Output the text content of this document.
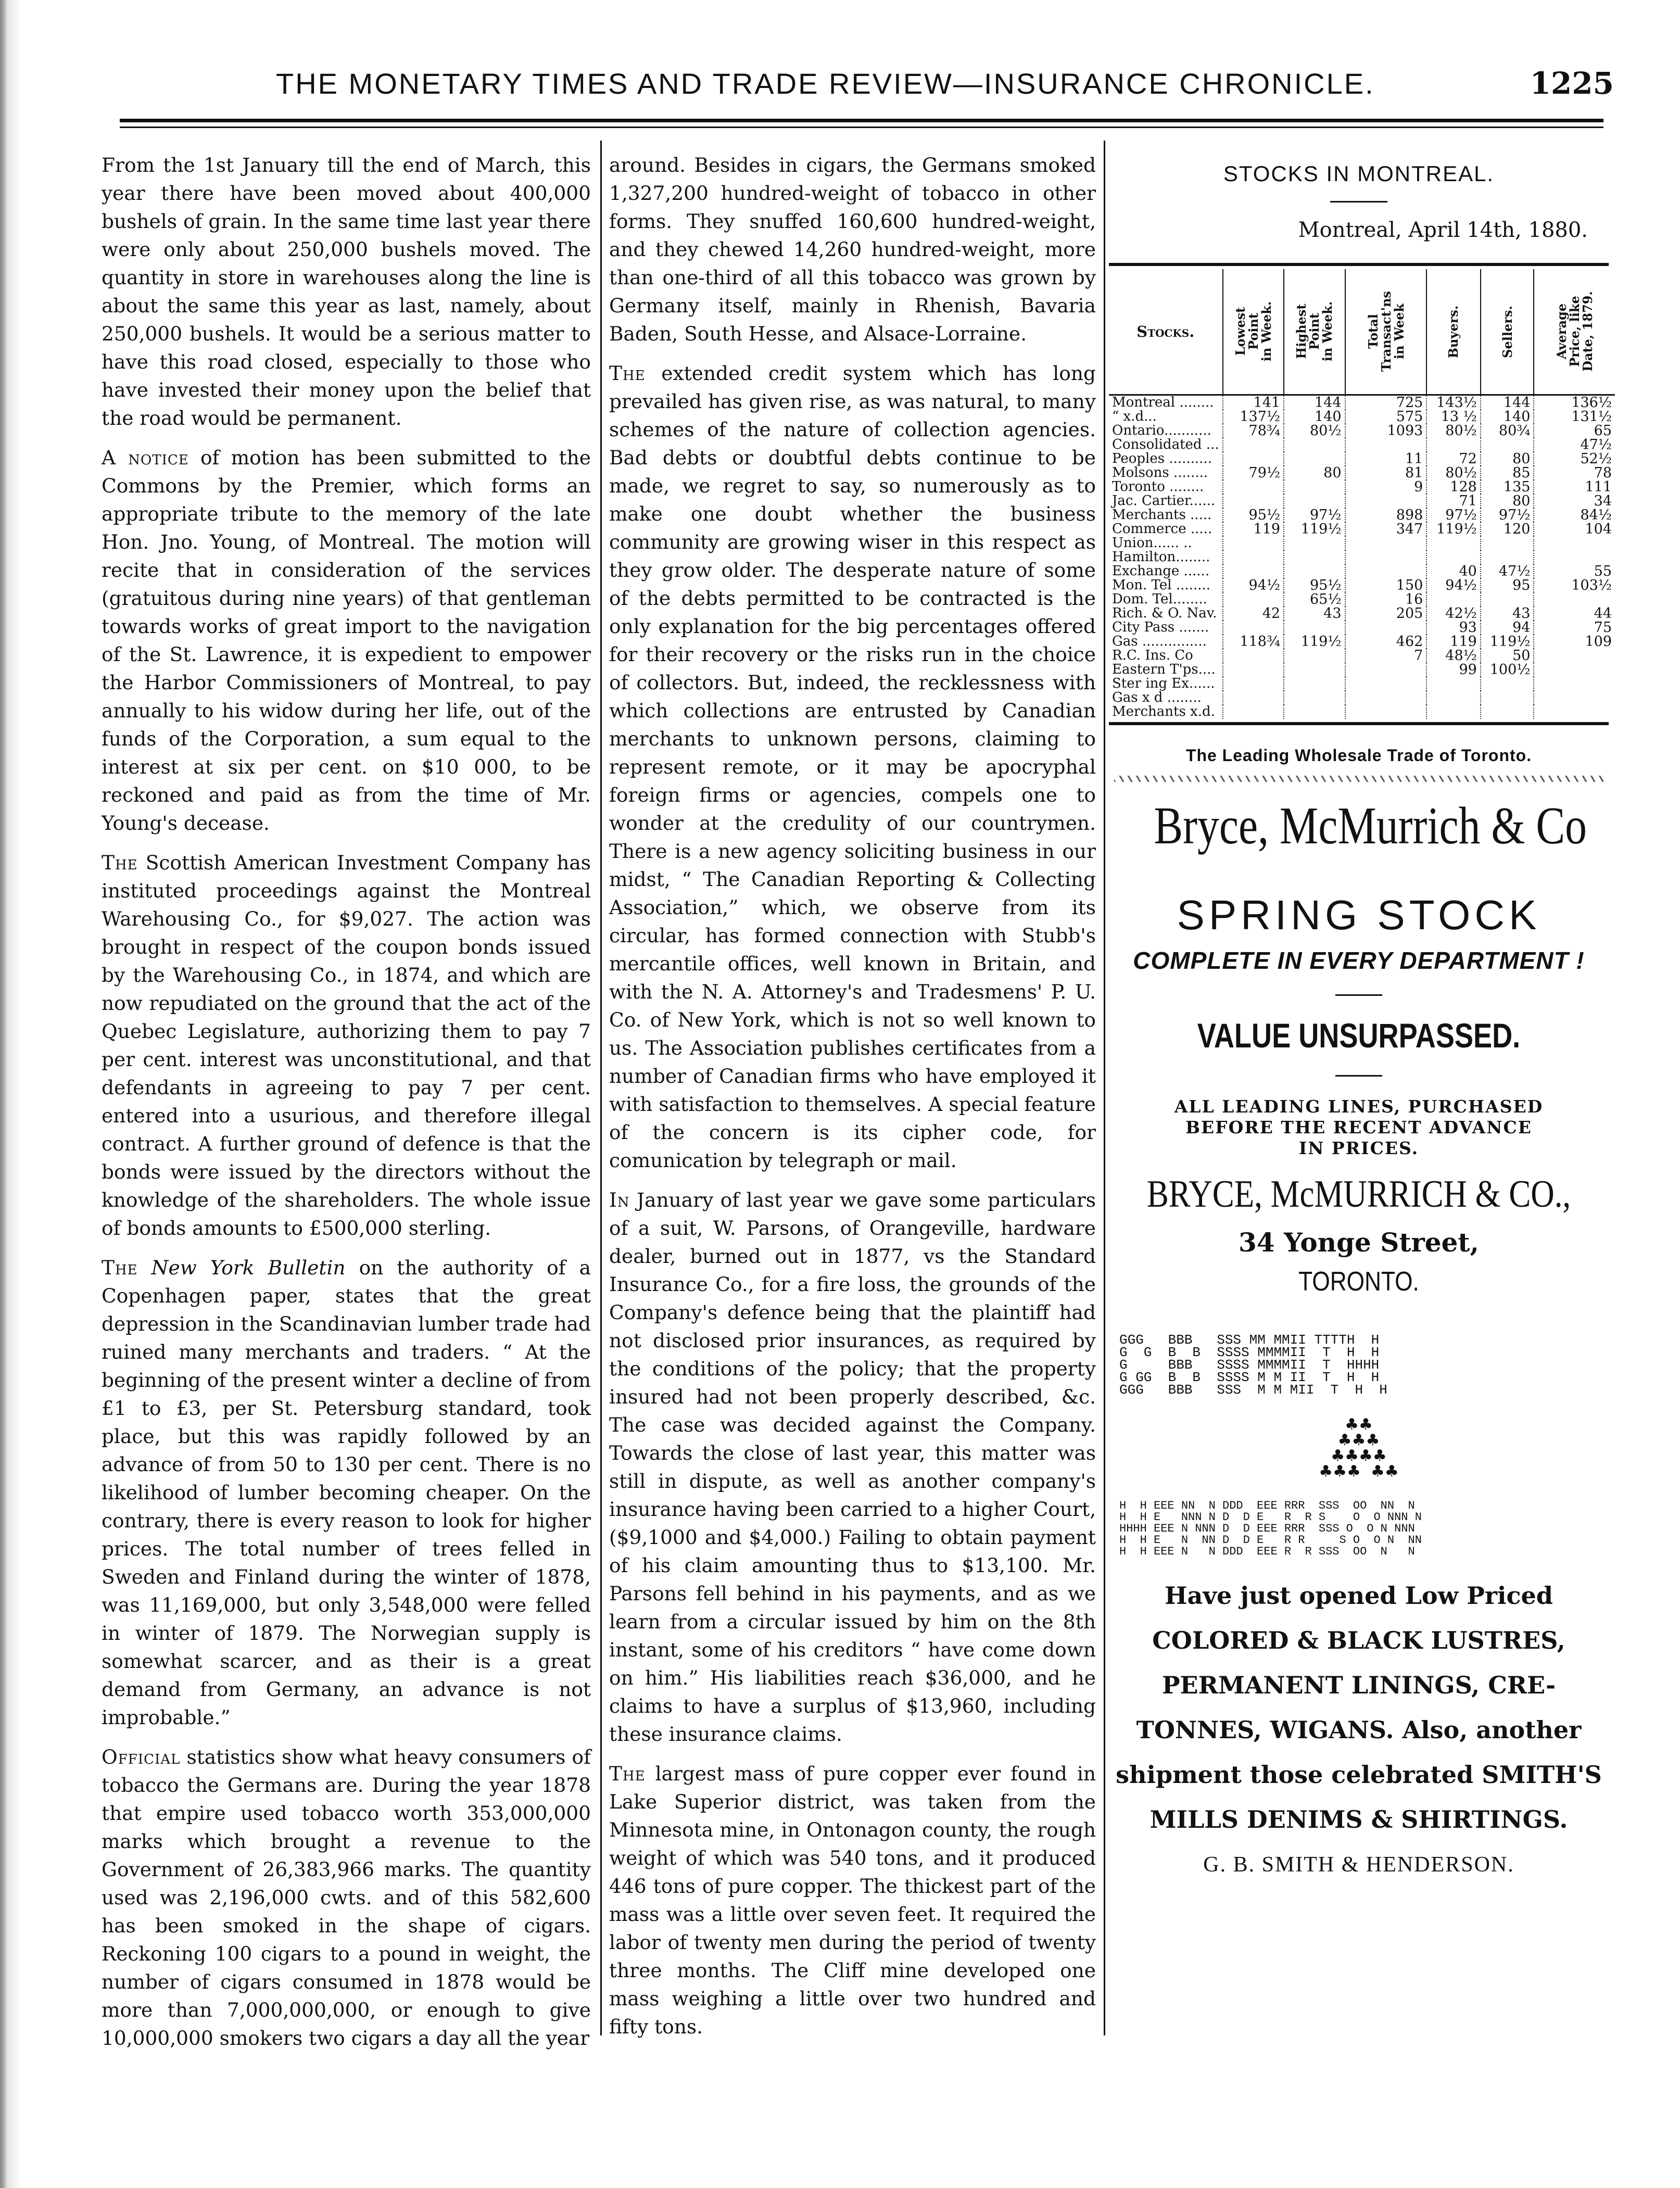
THE MONETARY TIMES AND TRADE REVIEW—INSURANCE CHRONICLE.	1225

From the 1st January till the end of March, this year there have been moved about 400,000 bushels of grain. In the same time last year there were only about 250,000 bushels moved. The quantity in store in warehouses along the line is about the same this year as last, namely, about 250,000 bushels. It would be a serious matter to have this road closed, especially to those who have invested their money upon the belief that the road would be permanent.

A notice of motion has been submitted to the Commons by the Premier, which forms an appropriate tribute to the memory of the late Hon. Jno. Young, of Montreal. The motion will recite that in consideration of the services (gratuitous during nine years) of that gentleman towards works of great import to the navigation of the St. Lawrence, it is expedient to empower the Harbor Commissioners of Montreal, to pay annually to his widow during her life, out of the funds of the Corporation, a sum equal to the interest at six per cent. on $10 000, to be reckoned and paid as from the time of Mr. Young's decease.

The Scottish American Investment Company has instituted proceedings against the Montreal Warehousing Co., for $9,027. The action was brought in respect of the coupon bonds issued by the Warehousing Co., in 1874, and which are now repudiated on the ground that the act of the Quebec Legislature, authorizing them to pay 7 per cent. interest was unconstitutional, and that defendants in agreeing to pay 7 per cent. entered into a usurious, and therefore illegal contract. A further ground of defence is that the bonds were issued by the directors without the knowledge of the shareholders. The whole issue of bonds amounts to £500,000 sterling.

The New York Bulletin on the authority of a Copenhagen paper, states that the great depression in the Scandinavian lumber trade had ruined many merchants and traders. “ At the beginning of the present winter a decline of from £1 to £3, per St. Petersburg standard, took place, but this was rapidly followed by an advance of from 50 to 130 per cent. There is no likelihood of lumber becoming cheaper. On the contrary, there is every reason to look for higher prices. The total number of trees felled in Sweden and Finland during the winter of 1878, was 11,169,000, but only 3,548,000 were felled in winter of 1879. The Norwegian supply is somewhat scarcer, and as their is a great demand from Germany, an advance is not improbable.”

Official statistics show what heavy consumers of tobacco the Germans are. During the year 1878 that empire used tobacco worth 353,000,000 marks which brought a revenue to the Government of 26,383,966 marks. The quantity used was 2,196,000 cwts. and of this 582,600 has been smoked in the shape of cigars. Reckoning 100 cigars to a pound in weight, the number of cigars consumed in 1878 would be more than 7,000,000,000, or enough to give 10,000,000 smokers two cigars a day all the year

around. Besides in cigars, the Germans smoked 1,327,200 hundred-weight of tobacco in other forms. They snuffed 160,600 hundred-weight, and they chewed 14,260 hundred-weight, more than one-third of all this tobacco was grown by Germany itself, mainly in Rhenish, Bavaria Baden, South Hesse, and Alsace-Lorraine.

The extended credit system which has long prevailed has given rise, as was natural, to many schemes of the nature of collection agencies. Bad debts or doubtful debts continue to be made, we regret to say, so numerously as to make one doubt whether the business community are growing wiser in this respect as they grow older. The desperate nature of some of the debts permitted to be contracted is the only explanation for the big percentages offered for their recovery or the risks run in the choice of collectors. But, indeed, the recklessness with which collections are entrusted by Canadian merchants to unknown persons, claiming to represent remote, or it may be apocryphal foreign firms or agencies, compels one to wonder at the credulity of our countrymen. There is a new agency soliciting business in our midst, “ The Canadian Reporting & Collecting Association,” which, we observe from its circular, has formed connection with Stubb's mercantile offices, well known in Britain, and with the N. A. Attorney's and Tradesmens' P. U. Co. of New York, which is not so well known to us. The Association publishes certificates from a number of Canadian firms who have employed it with satisfaction to themselves. A special feature of the concern is its cipher code, for comunication by telegraph or mail.

In January of last year we gave some particulars of a suit, W. Parsons, of Orangeville, hardware dealer, burned out in 1877, vs the Standard Insurance Co., for a fire loss, the grounds of the Company's defence being that the plaintiff had not disclosed prior insurances, as required by the conditions of the policy; that the property insured had not been properly described, &c. The case was decided against the Company. Towards the close of last year, this matter was still in dispute, as well as another company's insurance having been carried to a higher Court, ($9,1000 and $4,000.) Failing to obtain payment of his claim amounting thus to $13,100. Mr. Parsons fell behind in his payments, and as we learn from a circular issued by him on the 8th instant, some of his creditors “ have come down on him.” His liabilities reach $36,000, and he claims to have a surplus of $13,960, including these insurance claims.

The largest mass of pure copper ever found in Lake Superior district, was taken from the Minnesota mine, in Ontonagon county, the rough weight of which was 540 tons, and it produced 446 tons of pure copper. The thickest part of the mass was a little over seven feet. It required the labor of twenty men during the period of twenty three months. The Cliff mine developed one mass weighing a little over two hundred and fifty tons.

STOCKS IN MONTREAL.
Montreal, April 14th, 1880.
Stocks.	Lowest
Point
in Week.	Highest
Point
in Week.	Total
Transact'ns
in Week	Buyers.	Sellers.	Average
Price, like
Date, 1879.
Montreal ........	141	144	725	143½	144	136½
“ x.d...	137½	140	575	13 ½	140	131½
Ontario...........	78¾	80½	1093	80½	80¾	65
Consolidated ...						47½
Peoples ..........			11	72	80	52½
Molsons ........	79½	80	81	80½	85	78
Toronto ........			9	128	135	111
Jac. Cartier......				71	80	34
Merchants .....	95½	97½	898	97½	97½	84½
Commerce .....	119	119½	347	119½	120	104
Union...... ..						
Hamilton........						
Exchange ......				40	47½	55
Mon. Tel ........	94½	95½	150	94½	95	103½
Dom. Tel........		65½	16			
Rich. & O. Nav.	42	43	205	42½	43	44
City Pass .......				93	94	75
Gas ...............	118¾	119½	462	119	119½	109
R.C. Ins. Co			7	48½	50	
Eastern T'ps....				99	100½	
Ster ing Ex......						
Gas x d ........						
Merchants x.d.						
The Leading Wholesale Trade of Toronto.
Bryce, McMurrich & Co
SPRING STOCK
COMPLETE IN EVERY DEPARTMENT !
VALUE UNSURPASSED.
ALL LEADING LINES, PURCHASED
BEFORE THE RECENT ADVANCE
IN PRICES.
BRYCE, McMURRICH & CO.,
34 Yonge Street,
TORONTO.
GGG   BBB   SSS MM MMII TTTTH  H
G  G  B  B  SSSS MMMMII  T  H  H
G     BBB   SSSS MMMMII  T  HHHH
G GG  B  B  SSSS M M II  T  H  H
GGG   BBB   SSS  M M MII  T  H  H
♣♣
♣♣♣
♣♣♣♣
♣♣♣  ♣♣
H  H EEE NN  N DDD  EEE RRR  SSS  OO  NN  N
H  H E   NNN N D  D E   R  R S    O  O NNN N
HHHH EEE N NNN D  D EEE RRR  SSS O  O N NNN
H  H E   N  NN D  D E   R R     S O  O N  NN
H  H EEE N   N DDD  EEE R  R SSS  OO  N   N
Have just opened Low Priced
COLORED & BLACK LUSTRES,
PERMANENT LININGS, CRE-
TONNES, WIGANS. Also, another
shipment those celebrated SMITH'S
MILLS DENIMS & SHIRTINGS.
G. B. SMITH & HENDERSON.
